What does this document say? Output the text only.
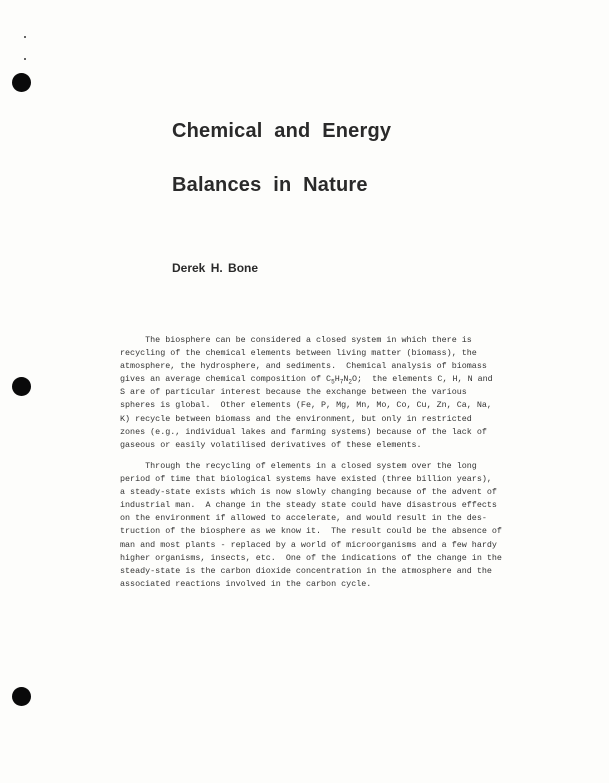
Chemical and Energy
Balances in Nature
Derek H. Bone
The biosphere can be considered a closed system in which there is
recycling of the chemical elements between living matter (biomass), the
atmosphere, the hydrosphere, and sediments.  Chemical analysis of biomass
gives an average chemical composition of $C_5H_7N_2O$;  the elements C, H, N and
S are of particular interest because the exchange between the various
spheres is global.  Other elements (Fe, P, Mg, Mn, Mo, Co, Cu, Zn, Ca, Na,
K) recycle between biomass and the environment, but only in restricted
zones (e.g., individual lakes and farming systems) because of the lack of
gaseous or easily volatilised derivatives of these elements.
Through the recycling of elements in a closed system over the long
period of time that biological systems have existed (three billion years),
a steady-state exists which is now slowly changing because of the advent of
industrial man.  A change in the steady state could have disastrous effects
on the environment if allowed to accelerate, and would result in the des-
truction of the biosphere as we know it.  The result could be the absence of
man and most plants - replaced by a world of microorganisms and a few hardy
higher organisms, insects, etc.  One of the indications of the change in the
steady-state is the carbon dioxide concentration in the atmosphere and the
associated reactions involved in the carbon cycle.
